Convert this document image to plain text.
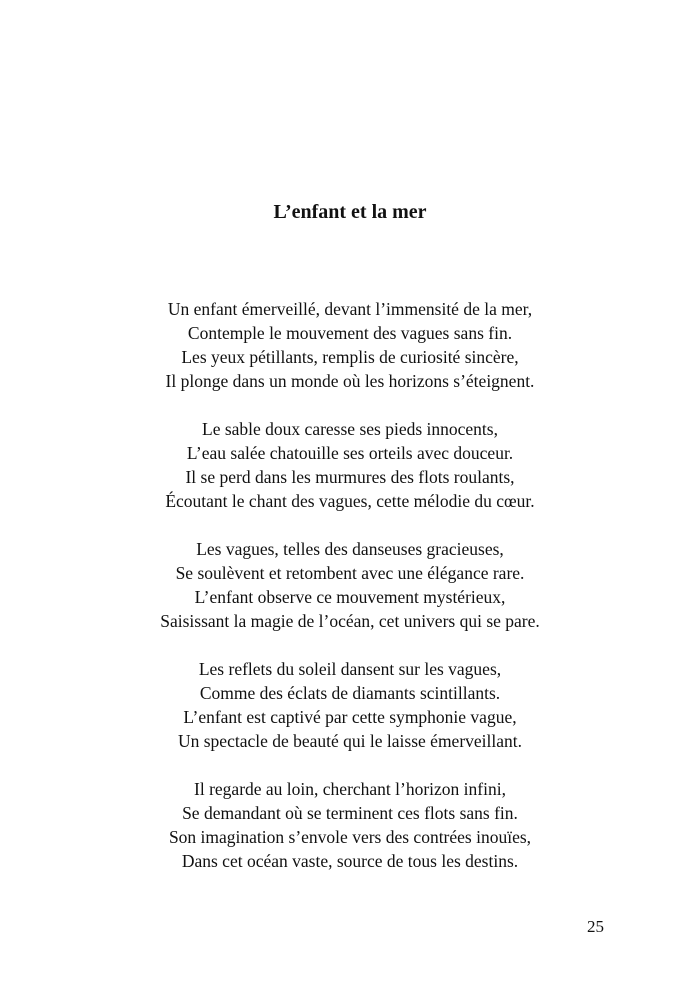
L’enfant et la mer
Un enfant émerveillé, devant l’immensité de la mer,
Contemple le mouvement des vagues sans fin.
Les yeux pétillants, remplis de curiosité sincère,
Il plonge dans un monde où les horizons s’éteignent.
Le sable doux caresse ses pieds innocents,
L’eau salée chatouille ses orteils avec douceur.
Il se perd dans les murmures des flots roulants,
Écoutant le chant des vagues, cette mélodie du cœur.
Les vagues, telles des danseuses gracieuses,
Se soulèvent et retombent avec une élégance rare.
L’enfant observe ce mouvement mystérieux,
Saisissant la magie de l’océan, cet univers qui se pare.
Les reflets du soleil dansent sur les vagues,
Comme des éclats de diamants scintillants.
L’enfant est captivé par cette symphonie vague,
Un spectacle de beauté qui le laisse émerveillant.
Il regarde au loin, cherchant l’horizon infini,
Se demandant où se terminent ces flots sans fin.
Son imagination s’envole vers des contrées inouïes,
Dans cet océan vaste, source de tous les destins.
25
